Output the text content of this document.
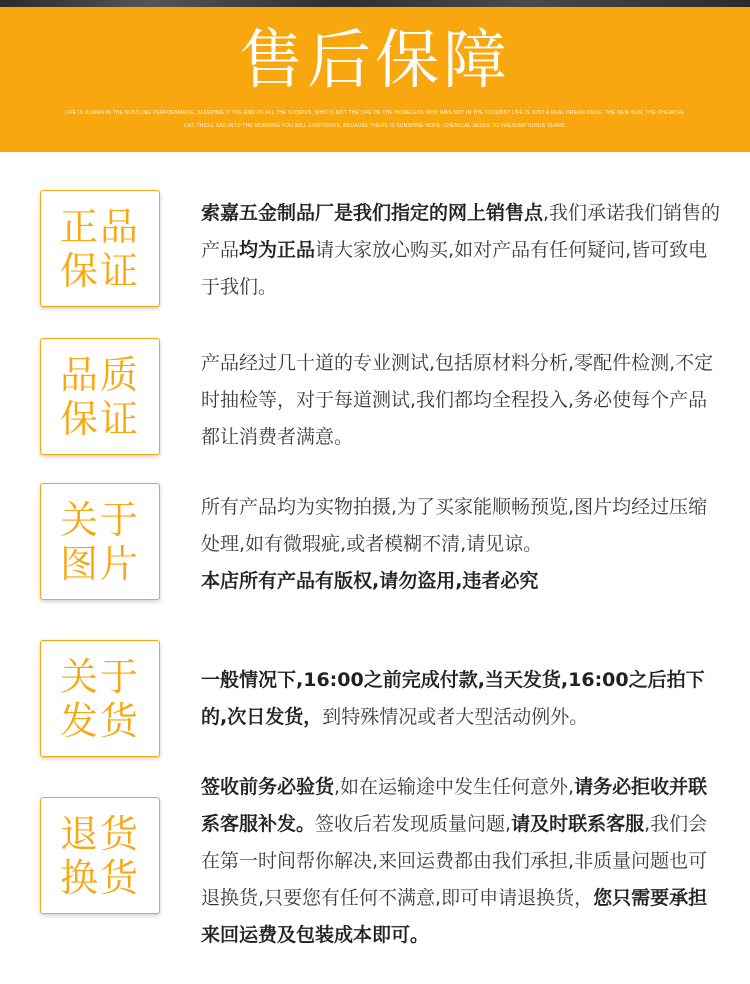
售后保障
LIFE IS HUMAN IN THE BUSTLING PERFORMANCE, SLEEPING IT THE END OF ALL THE STORIES, WHO IS NOT THE LIFE OF THE HOMELESS WHO WAS NOT IN THE CLOUDS? LIFE IS JUST A REAL DREAM ONCE. THE NEW SUN, THE CHEMICAL CAT, THESE SAD INTO THE MORNING YOU WILL EVAPORATE, BECAUSE THERE IS SUNSHINE HOPE, CHEMICAL SEEDS TO PRESUMPTUOUS YEARS.
正品
保证
索嘉五金制品厂是我们指定的网上销售点,我们承诺我们销售的产品均为正品请大家放心购买,如对产品有任何疑问,皆可致电于我们。
品质
保证
产品经过几十道的专业测试,包括原材料分析,零配件检测,不定时抽检等，对于每道测试,我们都均全程投入,务必使每个产品都让消费者满意。
关于
图片

所有产品均为实物拍摄,为了买家能顺畅预览,图片均经过压缩处理,如有微瑕疵,或者模糊不清,请见谅。

本店所有产品有版权,请勿盗用,违者必究

关于
发货
一般情况下,16:00之前完成付款,当天发货,16:00之后拍下的,次日发货，到特殊情况或者大型活动例外。
退货
换货
签收前务必验货,如在运输途中发生任何意外,请务必拒收并联系客服补发。签收后若发现质量问题,请及时联系客服,我们会在第一时间帮你解决,来回运费都由我们承担,非质量问题也可退换货,只要您有任何不满意,即可申请退换货，您只需要承担来回运费及包装成本即可。
